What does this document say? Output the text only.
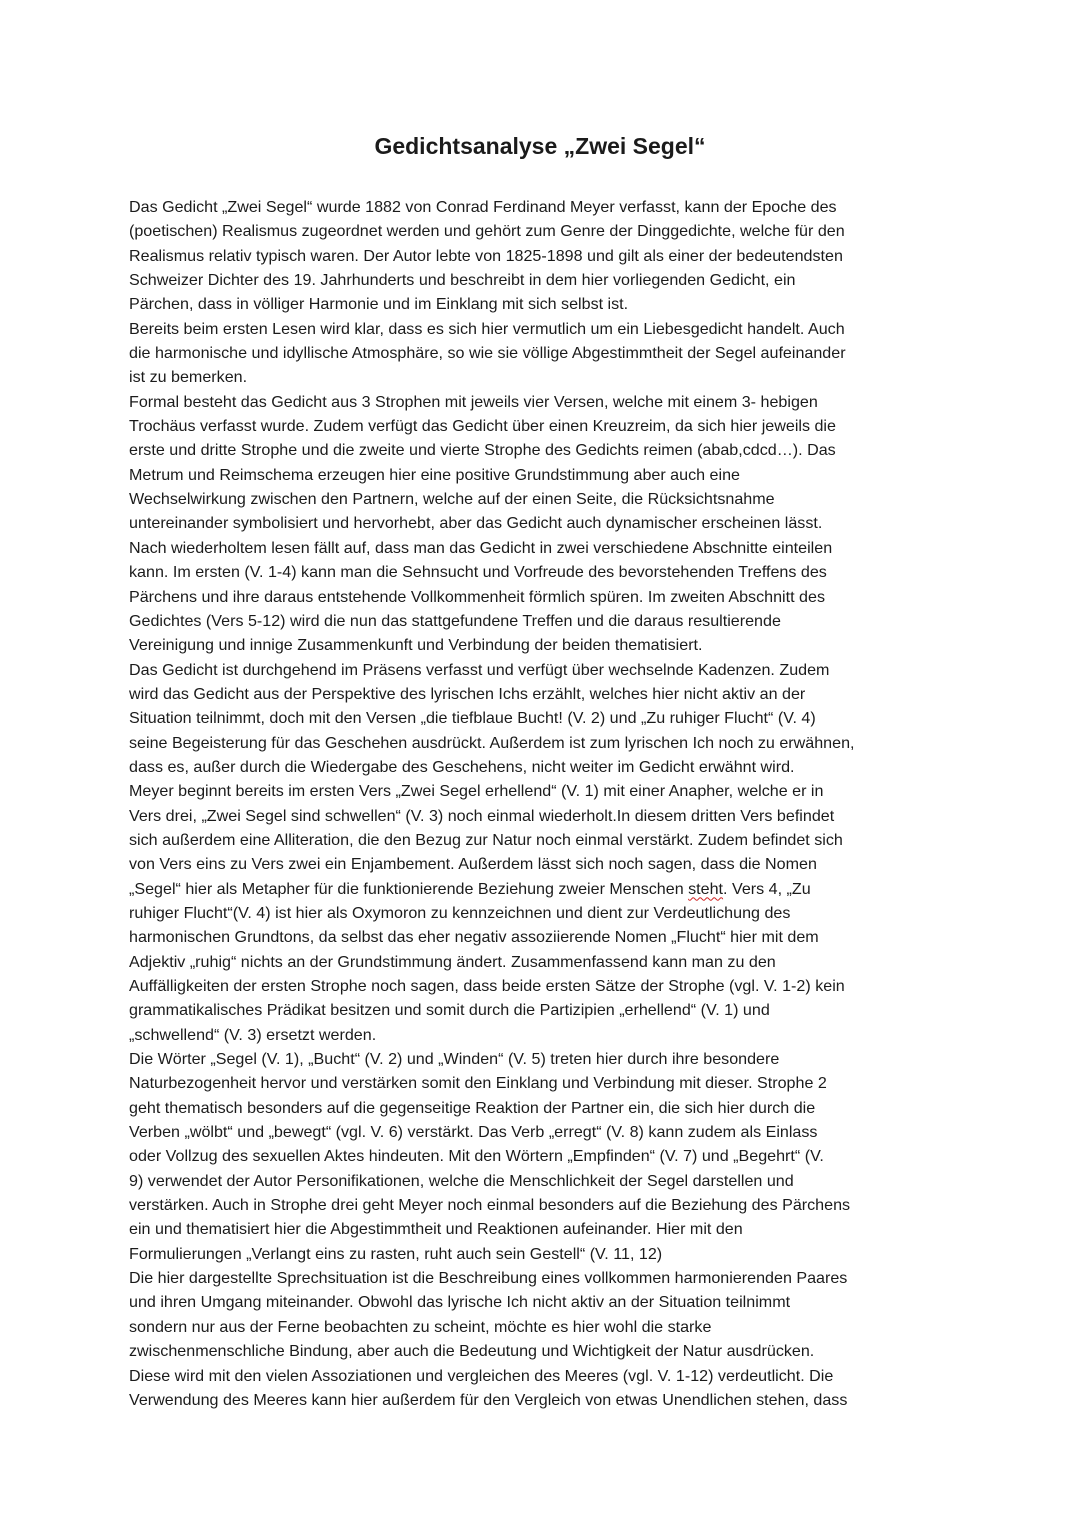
Gedichtsanalyse „Zwei Segel“
Das Gedicht „Zwei Segel“ wurde 1882 von Conrad Ferdinand Meyer verfasst, kann der Epoche des
(poetischen) Realismus zugeordnet werden und gehört zum Genre der Dinggedichte, welche für den
Realismus relativ typisch waren. Der Autor lebte von 1825-1898 und gilt als einer der bedeutendsten
Schweizer Dichter des 19. Jahrhunderts und beschreibt in dem hier vorliegenden Gedicht, ein
Pärchen, dass in völliger Harmonie und im Einklang mit sich selbst ist.
Bereits beim ersten Lesen wird klar, dass es sich hier vermutlich um ein Liebesgedicht handelt. Auch
die harmonische und idyllische Atmosphäre, so wie sie völlige Abgestimmtheit der Segel aufeinander
ist zu bemerken.
Formal besteht das Gedicht aus 3 Strophen mit jeweils vier Versen, welche mit einem 3- hebigen
Trochäus verfasst wurde. Zudem verfügt das Gedicht über einen Kreuzreim, da sich hier jeweils die
erste und dritte Strophe und die zweite und vierte Strophe des Gedichts reimen (abab,cdcd…). Das
Metrum und Reimschema erzeugen hier eine positive Grundstimmung aber auch eine
Wechselwirkung zwischen den Partnern, welche auf der einen Seite, die Rücksichtsnahme
untereinander symbolisiert und hervorhebt, aber das Gedicht auch dynamischer erscheinen lässt.
Nach wiederholtem lesen fällt auf, dass man das Gedicht in zwei verschiedene Abschnitte einteilen
kann. Im ersten (V. 1-4) kann man die Sehnsucht und Vorfreude des bevorstehenden Treffens des
Pärchens und ihre daraus entstehende Vollkommenheit förmlich spüren. Im zweiten Abschnitt des
Gedichtes (Vers 5-12) wird die nun das stattgefundene Treffen und die daraus resultierende
Vereinigung und innige Zusammenkunft und Verbindung der beiden thematisiert.
Das Gedicht ist durchgehend im Präsens verfasst und verfügt über wechselnde Kadenzen. Zudem
wird das Gedicht aus der Perspektive des lyrischen Ichs erzählt, welches hier nicht aktiv an der
Situation teilnimmt, doch mit den Versen „die tiefblaue Bucht! (V. 2) und „Zu ruhiger Flucht“ (V. 4)
seine Begeisterung für das Geschehen ausdrückt. Außerdem ist zum lyrischen Ich noch zu erwähnen,
dass es, außer durch die Wiedergabe des Geschehens, nicht weiter im Gedicht erwähnt wird.
Meyer beginnt bereits im ersten Vers „Zwei Segel erhellend“ (V. 1) mit einer Anapher, welche er in
Vers drei, „Zwei Segel sind schwellen“ (V. 3) noch einmal wiederholt.In diesem dritten Vers befindet
sich außerdem eine Alliteration, die den Bezug zur Natur noch einmal verstärkt. Zudem befindet sich
von Vers eins zu Vers zwei ein Enjambement. Außerdem lässt sich noch sagen, dass die Nomen
„Segel“ hier als Metapher für die funktionierende Beziehung zweier Menschen steht. Vers 4, „Zu
ruhiger Flucht“(V. 4) ist hier als Oxymoron zu kennzeichnen und dient zur Verdeutlichung des
harmonischen Grundtons, da selbst das eher negativ assoziierende Nomen „Flucht“ hier mit dem
Adjektiv „ruhig“ nichts an der Grundstimmung ändert. Zusammenfassend kann man zu den
Auffälligkeiten der ersten Strophe noch sagen, dass beide ersten Sätze der Strophe (vgl. V. 1-2) kein
grammatikalisches Prädikat besitzen und somit durch die Partizipien „erhellend“ (V. 1) und
„schwellend“ (V. 3) ersetzt werden.
Die Wörter „Segel (V. 1), „Bucht“ (V. 2) und „Winden“ (V. 5) treten hier durch ihre besondere
Naturbezogenheit hervor und verstärken somit den Einklang und Verbindung mit dieser. Strophe 2
geht thematisch besonders auf die gegenseitige Reaktion der Partner ein, die sich hier durch die
Verben „wölbt“ und „bewegt“ (vgl. V. 6) verstärkt. Das Verb „erregt“ (V. 8) kann zudem als Einlass
oder Vollzug des sexuellen Aktes hindeuten. Mit den Wörtern „Empfinden“ (V. 7) und „Begehrt“ (V.
9) verwendet der Autor Personifikationen, welche die Menschlichkeit der Segel darstellen und
verstärken. Auch in Strophe drei geht Meyer noch einmal besonders auf die Beziehung des Pärchens
ein und thematisiert hier die Abgestimmtheit und Reaktionen aufeinander. Hier mit den
Formulierungen „Verlangt eins zu rasten, ruht auch sein Gestell“ (V. 11, 12)
Die hier dargestellte Sprechsituation ist die Beschreibung eines vollkommen harmonierenden Paares
und ihren Umgang miteinander. Obwohl das lyrische Ich nicht aktiv an der Situation teilnimmt
sondern nur aus der Ferne beobachten zu scheint, möchte es hier wohl die starke
zwischenmenschliche Bindung, aber auch die Bedeutung und Wichtigkeit der Natur ausdrücken.
Diese wird mit den vielen Assoziationen und vergleichen des Meeres (vgl. V. 1-12) verdeutlicht. Die
Verwendung des Meeres kann hier außerdem für den Vergleich von etwas Unendlichen stehen, dass
